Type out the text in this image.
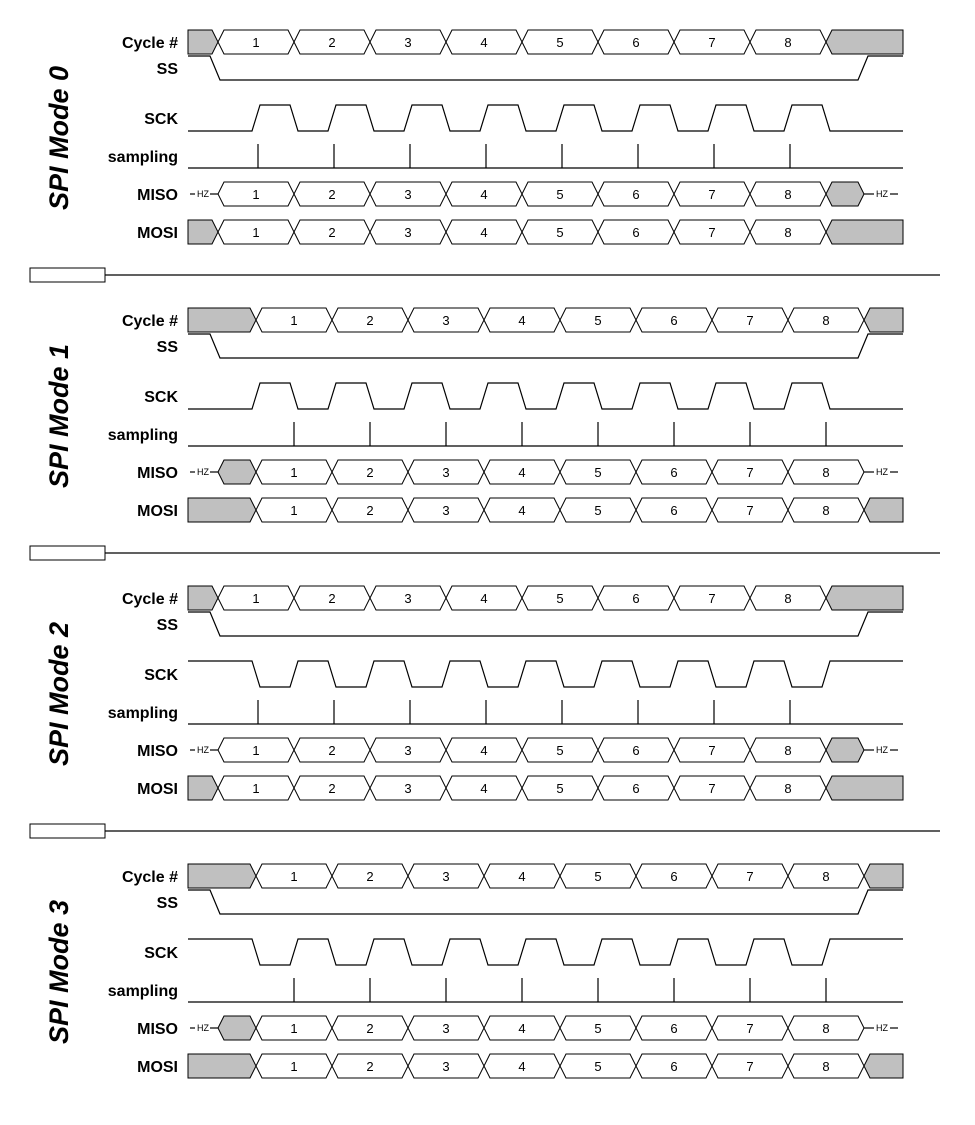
SPI Mode 0
Cycle #
SS
SCK
sampling
MISO
MOSI
1	2	3	4	5	6	7	8
HZ	1	2	3	4	5	6	7	8	HZ
1	2	3	4	5	6	7	8
SPI Mode 1
Cycle #
SS
SCK
sampling
MISO
MOSI
1	2	3	4	5	6	7	8
HZ	1	2	3	4	5	6	7	8	HZ
1	2	3	4	5	6	7	8
SPI Mode 2
Cycle #
SS
SCK
sampling
MISO
MOSI
1	2	3	4	5	6	7	8
HZ	1	2	3	4	5	6	7	8	HZ
1	2	3	4	5	6	7	8
SPI Mode 3
Cycle #
SS
SCK
sampling
MISO
MOSI
1	2	3	4	5	6	7	8
HZ	1	2	3	4	5	6	7	8	HZ
1	2	3	4	5	6	7	8
